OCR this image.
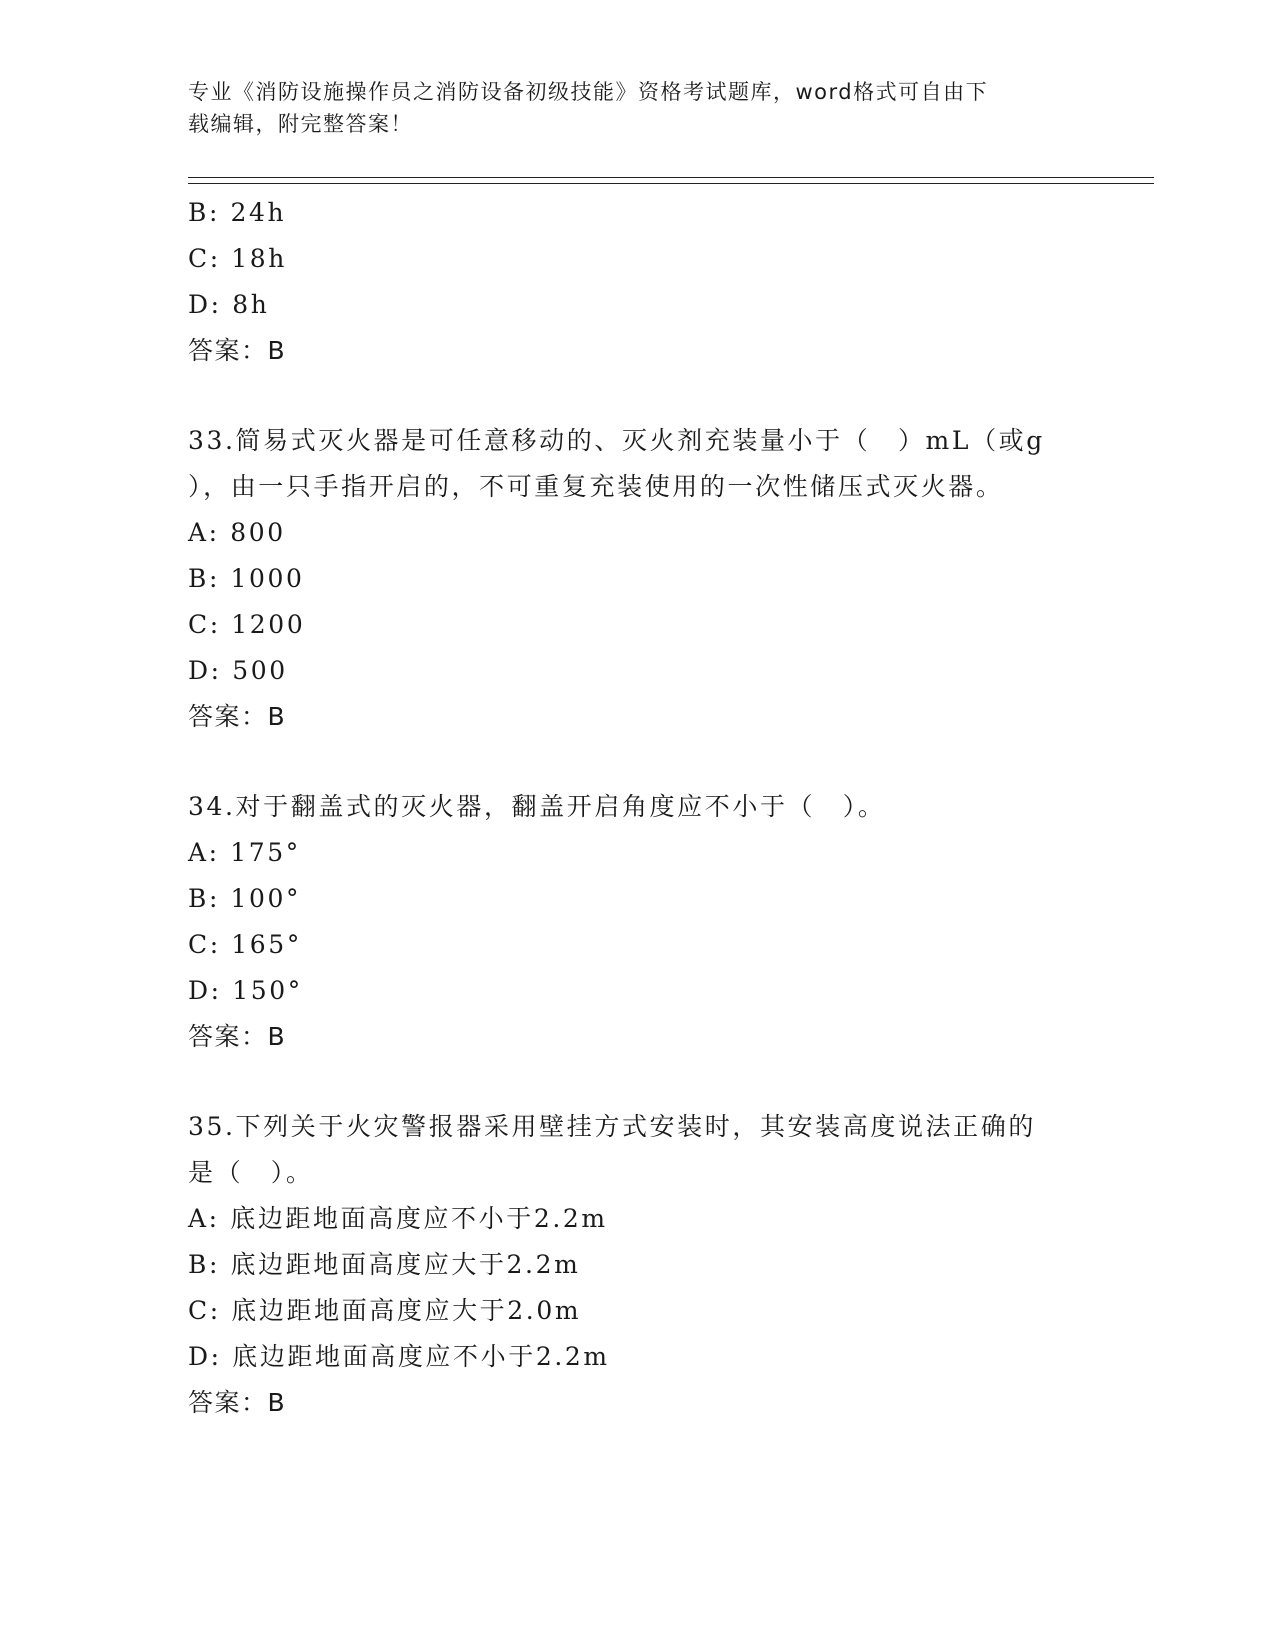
专业《消防设施操作员之消防设备初级技能》资格考试题库，word格式可自由下
载编辑，附完整答案！
B: 24h
C: 18h
D: 8h
答案：B
33.简易式灭火器是可任意移动的、灭火剂充装量小于（　）mL（或g
），由一只手指开启的，不可重复充装使用的一次性储压式灭火器。
A: 800
B: 1000
C: 1200
D: 500
答案：B
34.对于翻盖式的灭火器，翻盖开启角度应不小于（　）。
A: 175°
B: 100°
C: 165°
D: 150°
答案：B
35.下列关于火灾警报器采用壁挂方式安装时，其安装高度说法正确的
是（　）。
A: 底边距地面高度应不小于2.2m
B: 底边距地面高度应大于2.2m
C: 底边距地面高度应大于2.0m
D: 底边距地面高度应不小于2.2m
答案：B
